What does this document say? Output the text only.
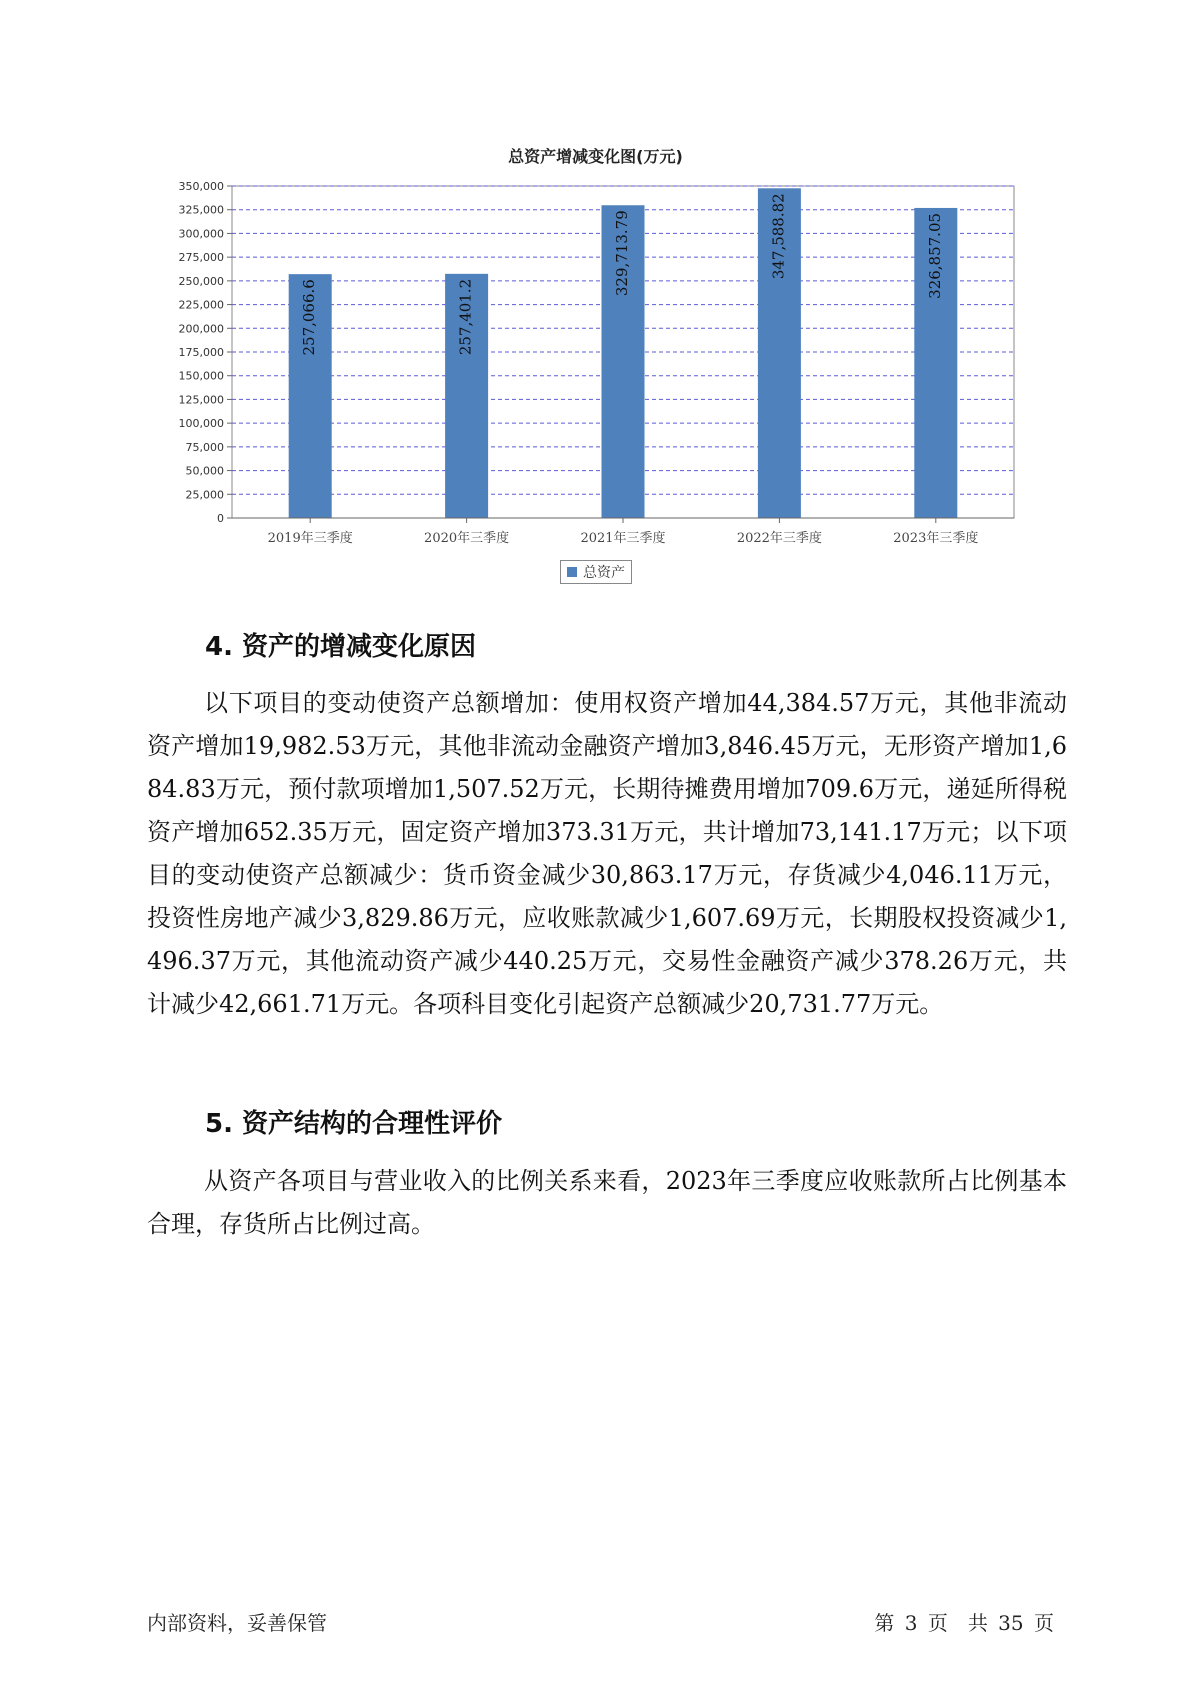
总资产增减变化图(万元)
0
25,000
50,000
75,000
100,000
125,000
150,000
175,000
200,000
225,000
250,000
275,000
300,000
325,000
350,000
257,066.6
2019年三季度
257,401.2
2020年三季度
329,713.79
2021年三季度
347,588.82
2022年三季度
326,857.05
2023年三季度
总资产
4. 资产的增减变化原因

以下项目的变动使资产总额增加：使用权资产增加44,384.57万元，其他非流动资产增加19,982.53万元，其他非流动金融资产增加3,846.45万元，无形资产增加1,684.83万元，预付款项增加1,507.52万元，长期待摊费用增加709.6万元，递延所得税资产增加652.35万元，固定资产增加373.31万元，共计增加73,141.17万元；以下项目的变动使资产总额减少：货币资金减少30,863.17万元，存货减少4,046.11万元，投资性房地产减少3,829.86万元，应收账款减少1,607.69万元，长期股权投资减少1,496.37万元，其他流动资产减少440.25万元，交易性金融资产减少378.26万元，共计减少42,661.71万元。各项科目变化引起资产总额减少20,731.77万元。

5. 资产结构的合理性评价

从资产各项目与营业收入的比例关系来看，2023年三季度应收账款所占比例基本合理，存货所占比例过高。

内部资料，妥善保管	第 3 页　共 35 页
